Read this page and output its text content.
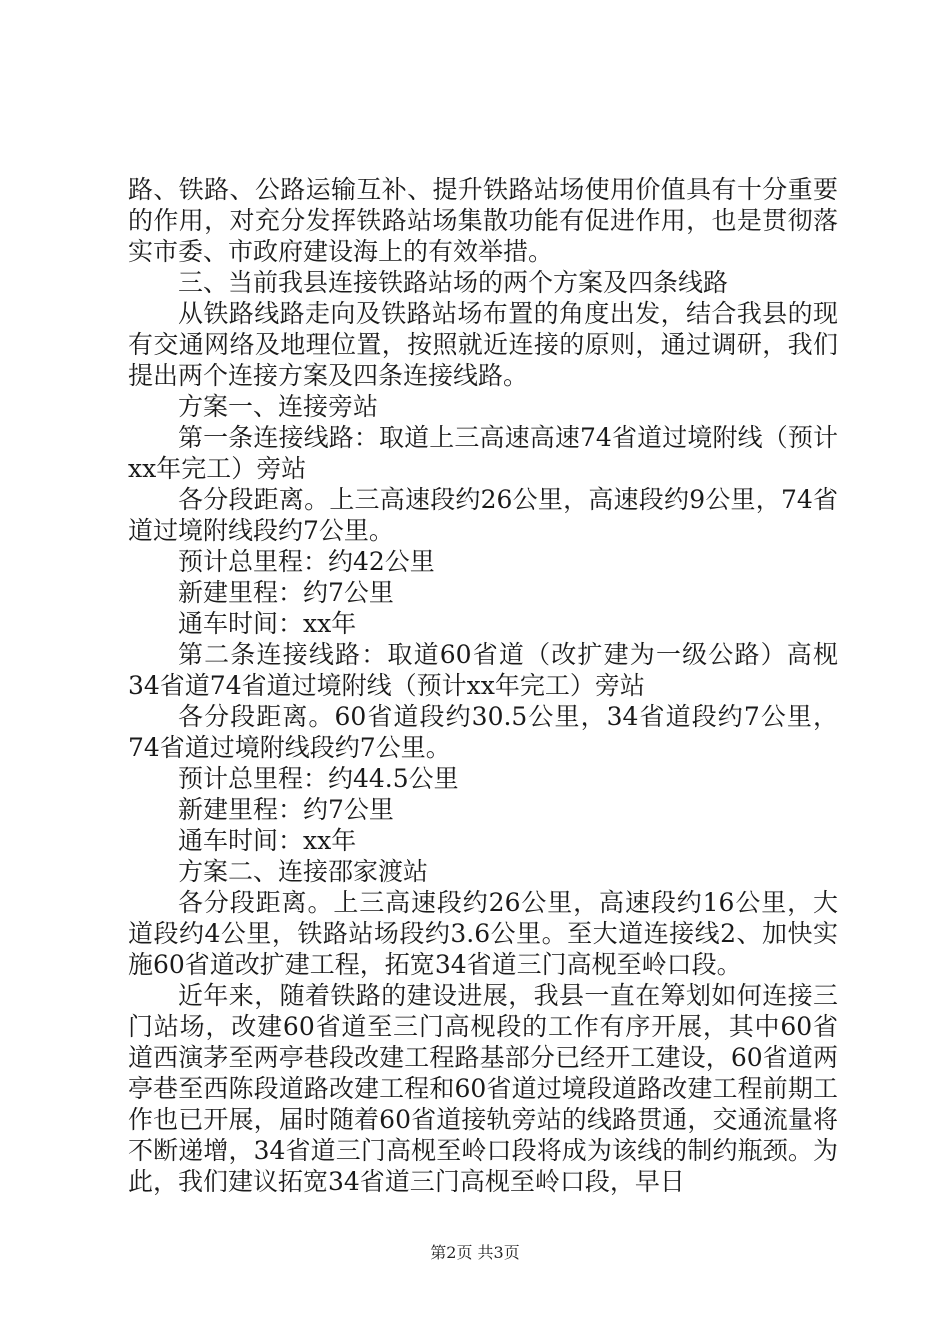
路、铁路、公路运输互补、提升铁路站场使用价值具有十分重要的作用，对充分发挥铁路站场集散功能有促进作用，也是贯彻落实市委、市政府建设海上的有效举措。

三、当前我县连接铁路站场的两个方案及四条线路

从铁路线路走向及铁路站场布置的角度出发，结合我县的现有交通网络及地理位置，按照就近连接的原则，通过调研，我们提出两个连接方案及四条连接线路。

方案一、连接旁站

第一条连接线路：取道上三高速高速74省道过境附线（预计xx年完工）旁站

各分段距离。上三高速段约26公里，高速段约9公里，74省道过境附线段约7公里。

预计总里程：约42公里

新建里程：约7公里

通车时间：xx年

第二条连接线路：取道60省道（改扩建为一级公路）高枧34省道74省道过境附线（预计xx年完工）旁站

各分段距离。60省道段约30.5公里，34省道段约7公里，74省道过境附线段约7公里。

预计总里程：约44.5公里

新建里程：约7公里

通车时间：xx年

方案二、连接邵家渡站

各分段距离。上三高速段约26公里，高速段约16公里，大道段约4公里，铁路站场段约3.6公里。至大道连接线2、加快实施60省道改扩建工程，拓宽34省道三门高枧至岭口段。

近年来，随着铁路的建设进展，我县一直在筹划如何连接三门站场，改建60省道至三门高枧段的工作有序开展，其中60省道西演茅至两亭巷段改建工程路基部分已经开工建设，60省道两亭巷至西陈段道路改建工程和60省道过境段道路改建工程前期工作也已开展，届时随着60省道接轨旁站的线路贯通，交通流量将不断递增，34省道三门高枧至岭口段将成为该线的制约瓶颈。为此，我们建议拓宽34省道三门高枧至岭口段，早日

第2页 共3页
